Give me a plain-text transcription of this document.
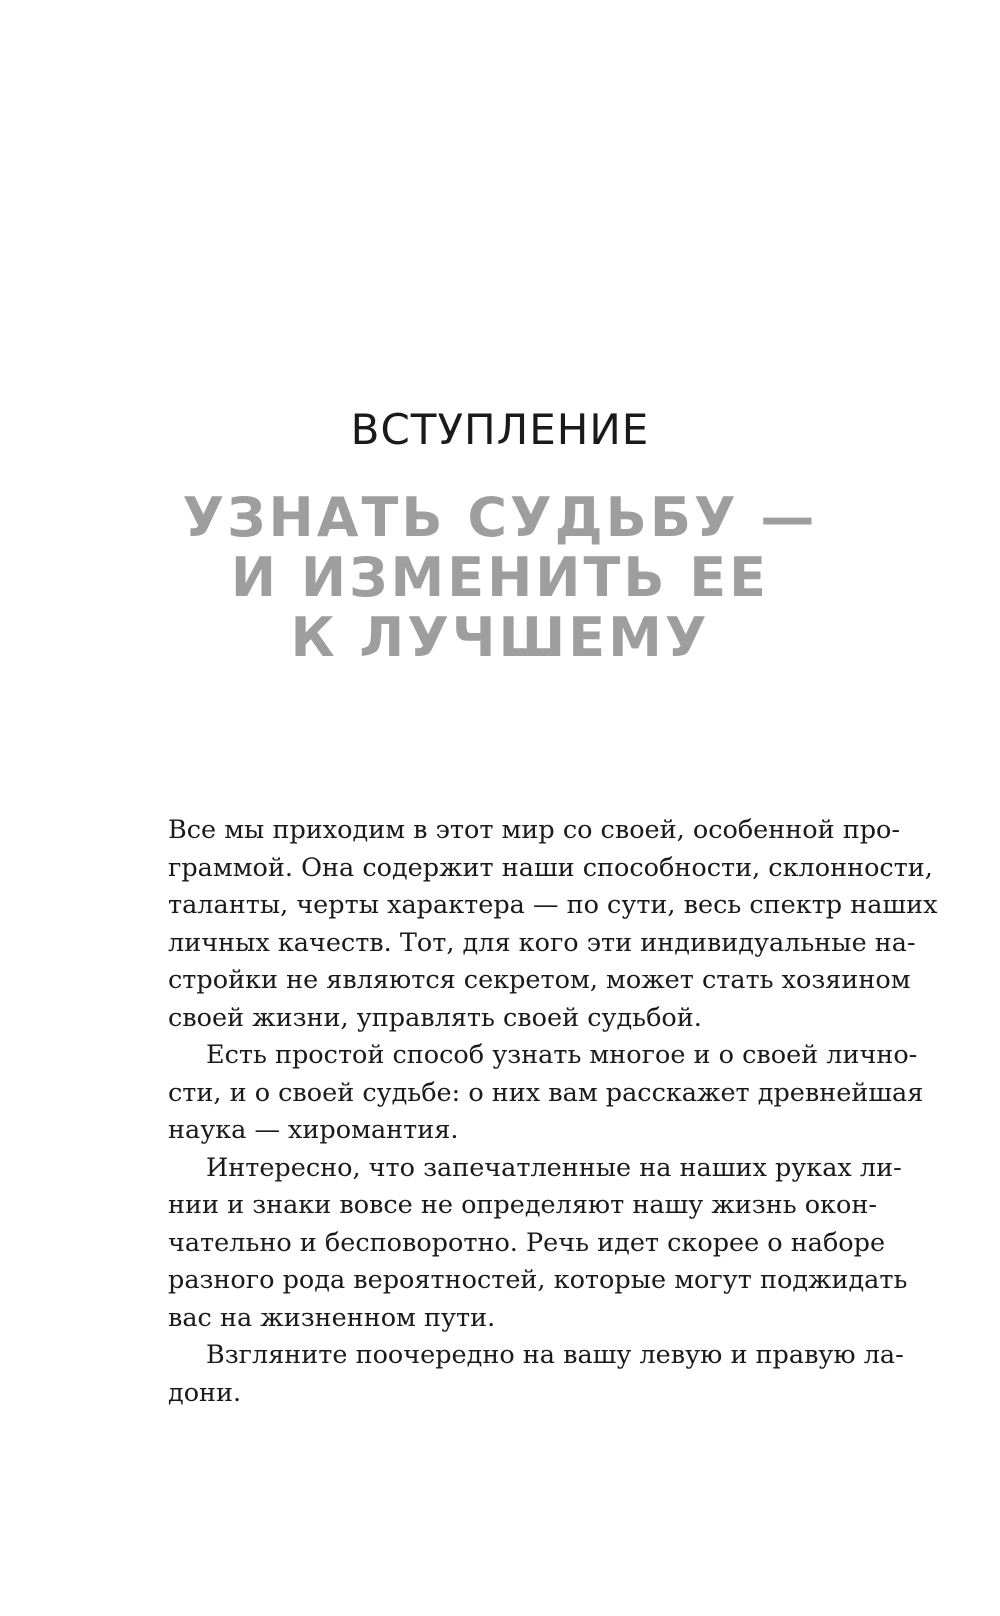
ВСТУПЛЕНИЕ
УЗНАТЬ СУДЬБУ —
И ИЗМЕНИТЬ ЕЕ
К ЛУЧШЕМУ
Все мы приходим в этот мир со своей, особенной про-
граммой. Она содержит наши способности, склонности,
таланты, черты характера — по сути, весь спектр наших
личных качеств. Тот, для кого эти индивидуальные на-
стройки не являются секретом, может стать хозяином
своей жизни, управлять своей судьбой.
Есть простой способ узнать многое и о своей лично-
сти, и о своей судьбе: о них вам расскажет древнейшая
наука — хиромантия.
Интересно, что запечатленные на наших руках ли-
нии и знаки вовсе не определяют нашу жизнь окон-
чательно и бесповоротно. Речь идет скорее о наборе
разного рода вероятностей, которые могут поджидать
вас на жизненном пути.
Взгляните поочередно на вашу левую и правую ла-
дони.
